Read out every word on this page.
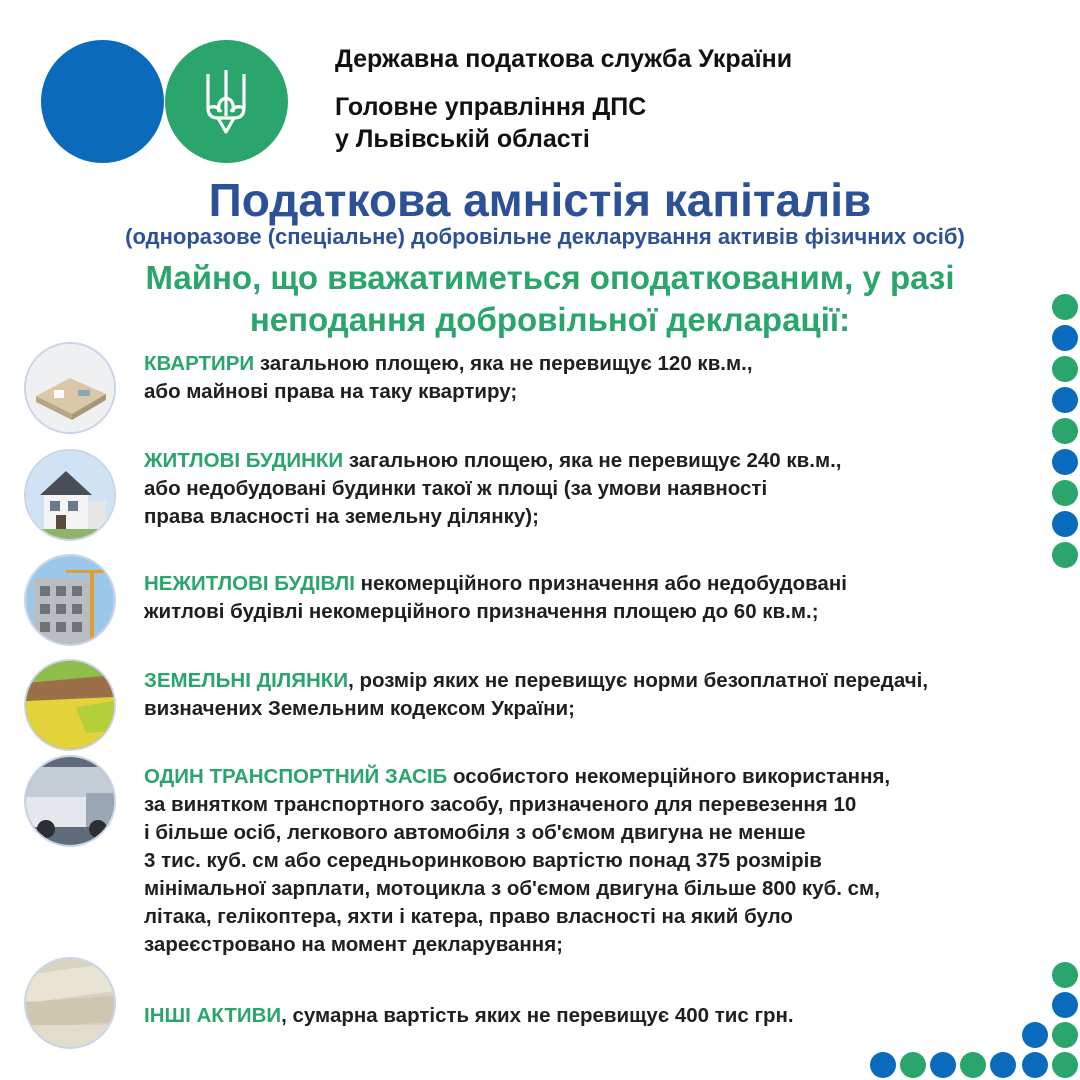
Державна податкова служба України
Головне управління ДПС
у Львівській області
Податкова амністія капіталів
(одноразове (спеціальне) добровільне декларування активів фізичних осіб)
Майно, що вважатиметься оподаткованим, у разі
неподання добровільної декларації:
КВАРТИРИ загальною площею, яка не перевищує 120 кв.м.,
або майнові права на таку квартиру;
ЖИТЛОВІ БУДИНКИ загальною площею, яка не перевищує 240 кв.м.,
або недобудовані будинки такої ж площі (за умови наявності
права власності на земельну ділянку);
НЕЖИТЛОВІ БУДІВЛІ некомерційного призначення або недобудовані
житлові будівлі некомерційного призначення площею до 60 кв.м.;
ЗЕМЕЛЬНІ ДІЛЯНКИ, розмір яких не перевищує норми безоплатної передачі,
визначених Земельним кодексом України;
ОДИН ТРАНСПОРТНИЙ ЗАСІБ особистого некомерційного використання,
за винятком транспортного засобу, призначеного для перевезення 10
і більше осіб, легкового автомобіля з об'ємом двигуна не менше
3 тис. куб. см або середньоринковою вартістю понад 375 розмірів
мінімальної зарплати, мотоцикла з об'ємом двигуна більше 800 куб. см,
літака, гелікоптера, яхти і катера, право власності на який було
зареєстровано на момент декларування;
ІНШІ АКТИВИ, сумарна вартість яких не перевищує 400 тис грн.
